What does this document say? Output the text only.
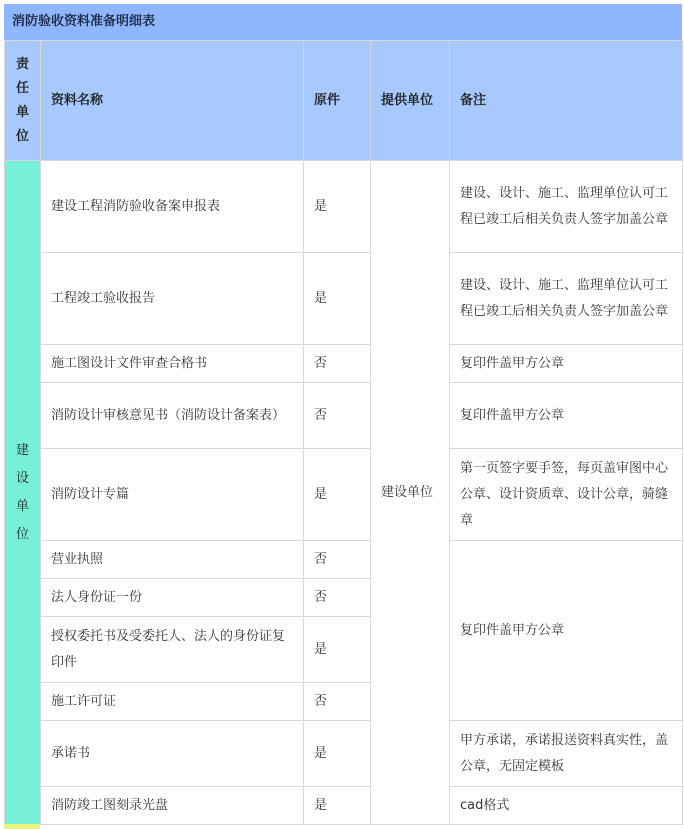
消防验收资料准备明细表
责
任
单
位	资料名称	原件	提供单位	备注

建
设
单
位	建设工程消防验收备案申报表	是	建设单位	建设、设计、施工、监理单位认可工程已竣工后相关负责人签字加盖公章
	工程竣工验收报告	是		建设、设计、施工、监理单位认可工程已竣工后相关负责人签字加盖公章
	施工图设计文件审查合格书	否		复印件盖甲方公章
	消防设计审核意见书（消防设计备案表）	否		复印件盖甲方公章
	消防设计专篇	是		第一页签字要手签，每页盖审图中心公章、设计资质章、设计公章，骑缝章
	营业执照	否		复印件盖甲方公章
	法人身份证一份	否		
	授权委托书及受委托人、法人的身份证复印件	是		
	施工许可证	否		
	承诺书	是		甲方承诺，承诺报送资料真实性，盖公章，无固定模板
	消防竣工图刻录光盘	是		cad格式
